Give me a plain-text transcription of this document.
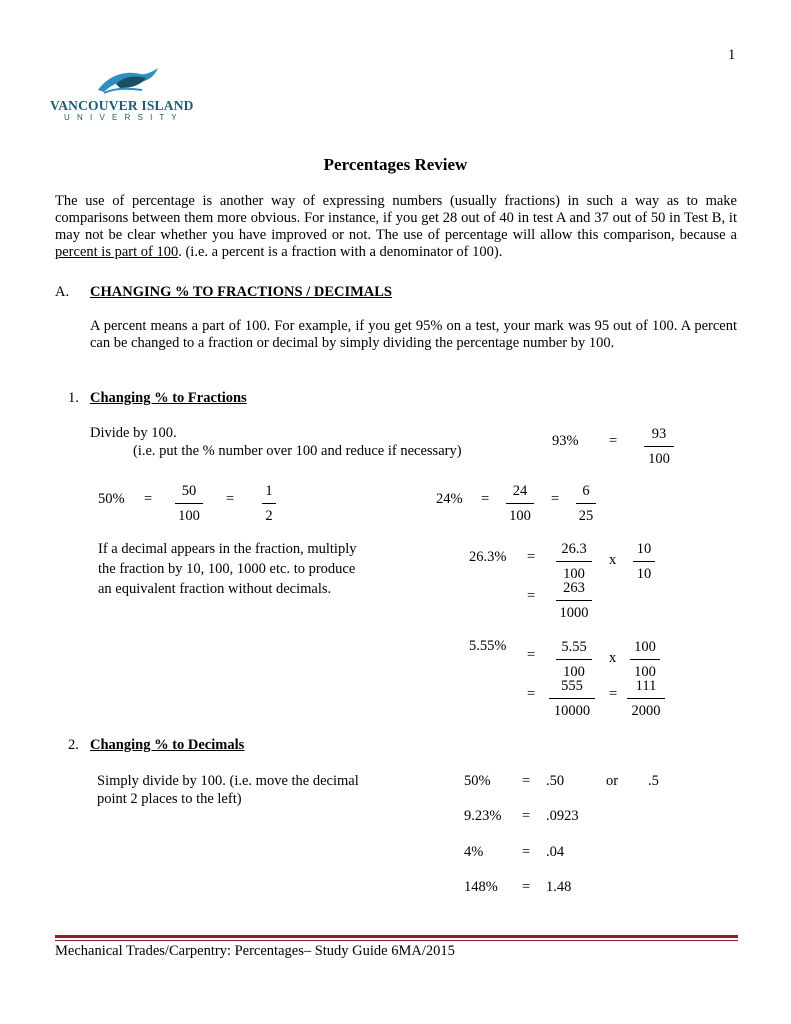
1
VANCOUVER ISLAND
U N I V E R S I T Y
Percentages Review

The use of percentage is another way of expressing numbers (usually fractions) in such a way as to make comparisons between them more obvious. For instance, if you get 28 out of 40 in test A and 37 out of 50 in Test B, it may not be clear whether you have improved or not. The use of percentage will allow this comparison, because a percent is part of 100. (i.e. a percent is a fraction with a denominator of 100).

A. CHANGING % TO FRACTIONS / DECIMALS

A percent means a part of 100. For example, if you get 95% on a test, your mark was 95 out of 100. A percent can be changed to a fraction or decimal by simply dividing the percentage number by 100.

1. Changing % to Fractions
Divide by 100.
(i.e. put the % number over 100 and reduce if necessary)
93% = 93
100
50% = 50
100
= 1
2
24% = 24
100
= 6
25
If a decimal appears in the fraction, multiply
the fraction by 10, 100, 1000 etc. to produce
an equivalent fraction without decimals.
26.3% = 26.3
100
x
10
10
= 263
1000
5.55%
= 5.55
100
x
100
100
= 555
10000
= 111
2000
2. Changing % to Decimals
Simply divide by 100. (i.e. move the decimal
point 2 places to the left)
50% = .50	or .5
9.23% = .0923
4%	= .04
148% = 1.48
Mechanical Trades/Carpentry: Percentages– Study Guide 6MA/2015
